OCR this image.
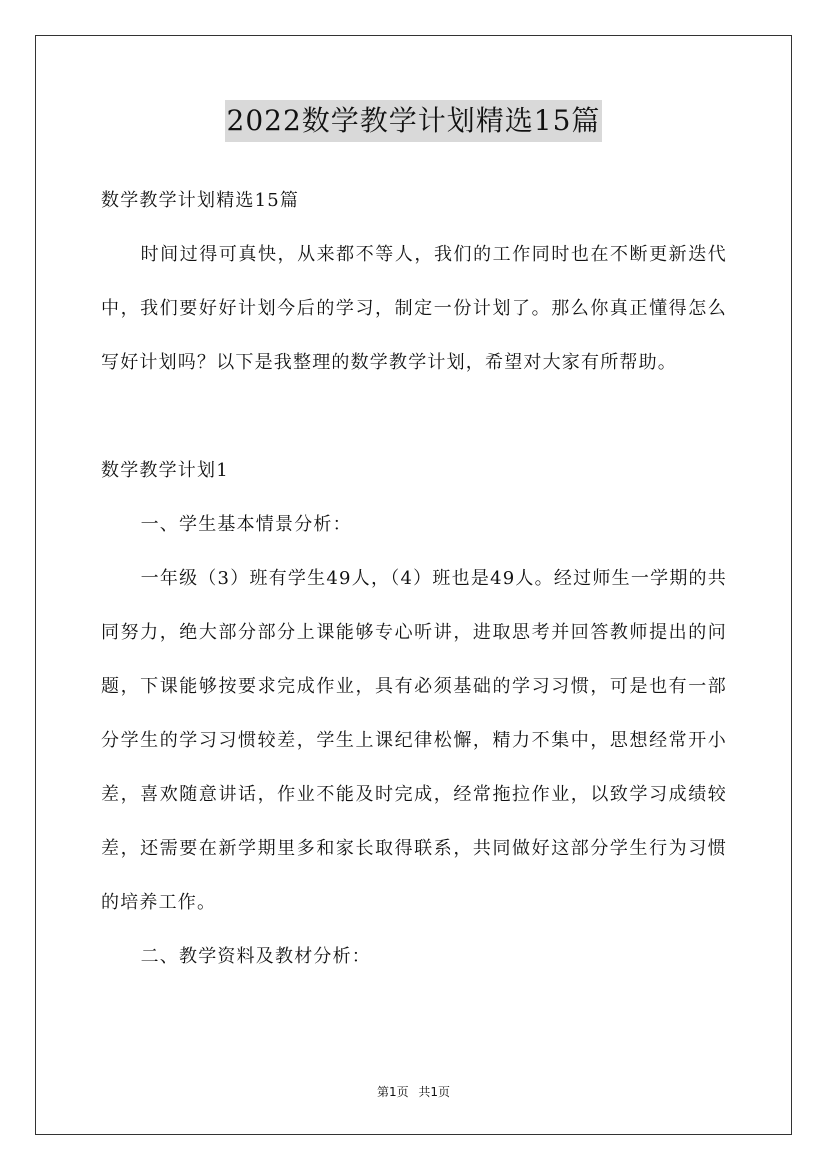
2022数学教学计划精选15篇

数学教学计划精选15篇

时间过得可真快，从来都不等人，我们的工作同时也在不断更新迭代中，我们要好好计划今后的学习，制定一份计划了。那么你真正懂得怎么写好计划吗？以下是我整理的数学教学计划，希望对大家有所帮助。

数学教学计划1

一、学生基本情景分析：

一年级（3）班有学生49人，（4）班也是49人。经过师生一学期的共同努力，绝大部分部分上课能够专心听讲，进取思考并回答教师提出的问题，下课能够按要求完成作业，具有必须基础的学习习惯，可是也有一部分学生的学习习惯较差，学生上课纪律松懈，精力不集中，思想经常开小差，喜欢随意讲话，作业不能及时完成，经常拖拉作业，以致学习成绩较差，还需要在新学期里多和家长取得联系，共同做好这部分学生行为习惯的培养工作。

二、教学资料及教材分析：

第1页 共1页
